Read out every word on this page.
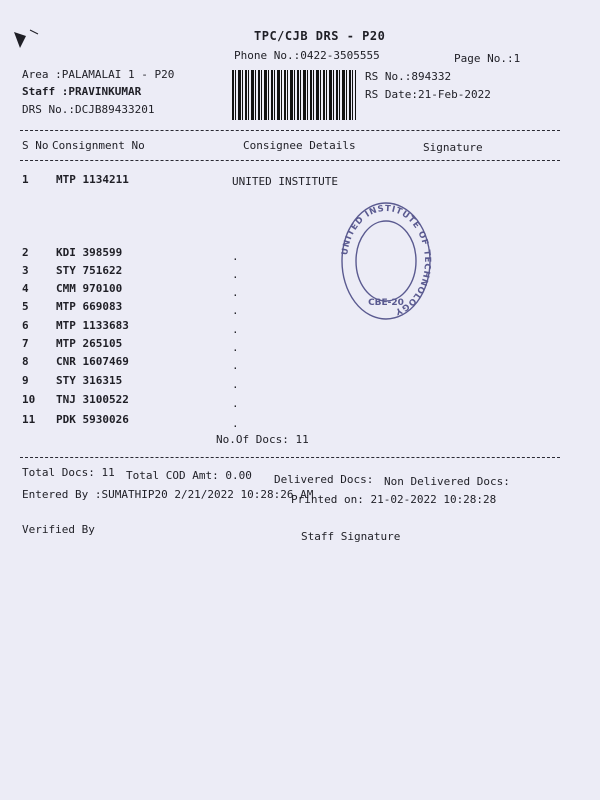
TPC/CJB DRS - P20
Phone No.:0422-3505555	Page No.:1
Area :PALAMALAI 1 - P20
Staff :PRAVINKUMAR
DRS No.:DCJB89433201
RS No.:894332
RS Date:21-Feb-2022
S No Consignment No	Consignee Details	Signature
1 MTP 1134211	UNITED INSTITUTE
2 KDI 398599	.
3 STY 751622	.
4 CMM 970100	.
5 MTP 669083	.
6 MTP 1133683	.
7 MTP 265105	.
8 CNR 1607469	.
9 STY 316315	.
10 TNJ 3100522	.
11 PDK 5930026	.
No.Of Docs: 11
UNITED INSTITUTE OF TECHNOLOGY
CBE-20
Total Docs: 11 Total COD Amt: 0.00 Delivered Docs: Non Delivered Docs:
Entered By :SUMATHIP20 2/21/2022 10:28:26 AM
Printed on: 21-02-2022 10:28:28
Verified By
Staff Signature
